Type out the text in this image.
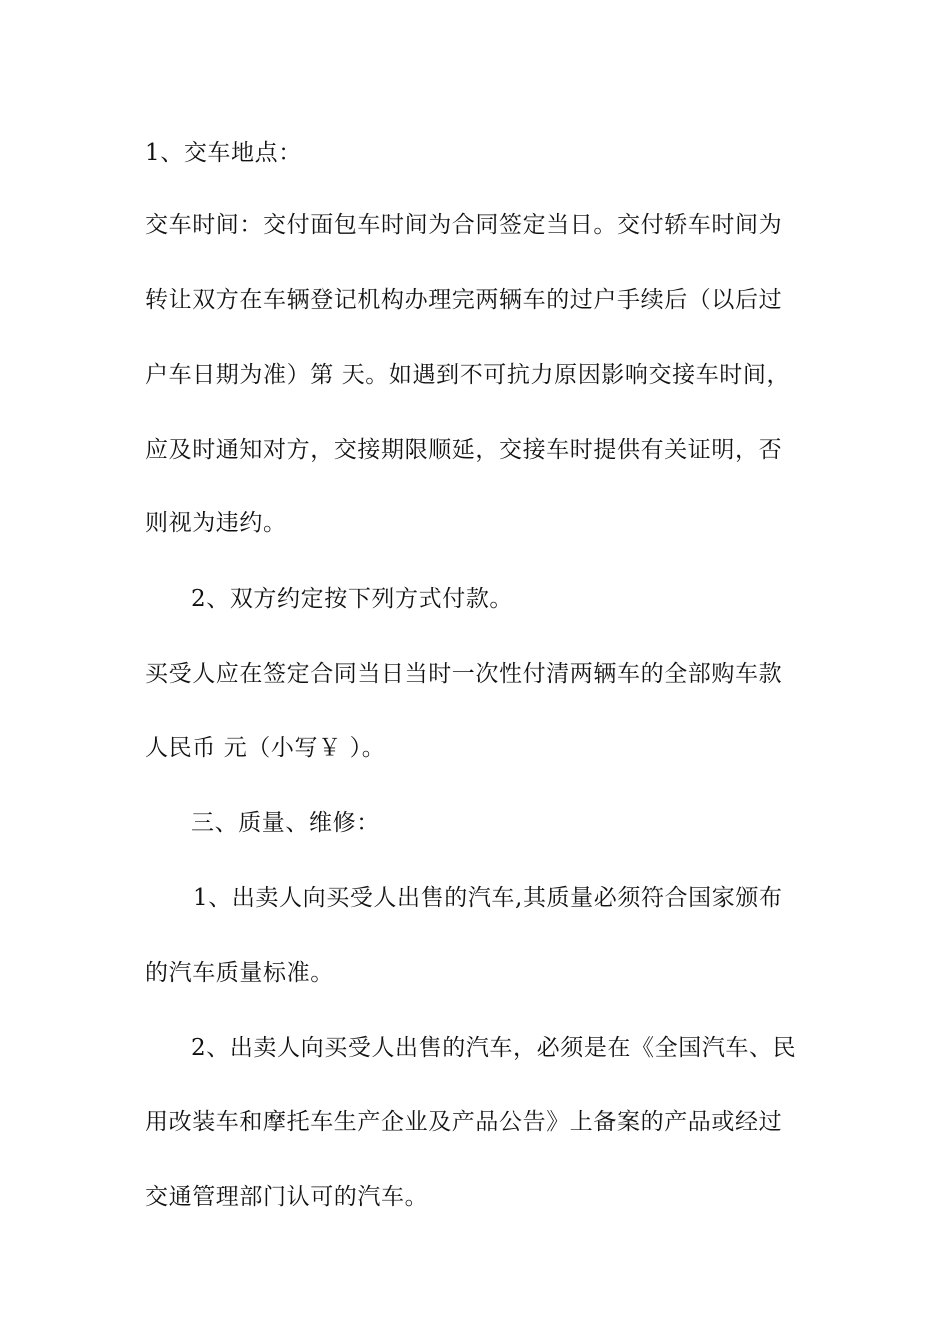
1、交车地点：
交车时间：交付面包车时间为合同签定当日。交付轿车时间为
转让双方在车辆登记机构办理完两辆车的过户手续后（以后过
户车日期为准）第 天。如遇到不可抗力原因影响交接车时间，
应及时通知对方，交接期限顺延，交接车时提供有关证明，否
则视为违约。
2、双方约定按下列方式付款。
买受人应在签定合同当日当时一次性付清两辆车的全部购车款
人民币 元（小写￥ ）。
三、质量、维修：
1、出卖人向买受人出售的汽车,其质量必须符合国家颁布
的汽车质量标准。
2、出卖人向买受人出售的汽车，必须是在《全国汽车、民
用改装车和摩托车生产企业及产品公告》上备案的产品或经过
交通管理部门认可的汽车。
